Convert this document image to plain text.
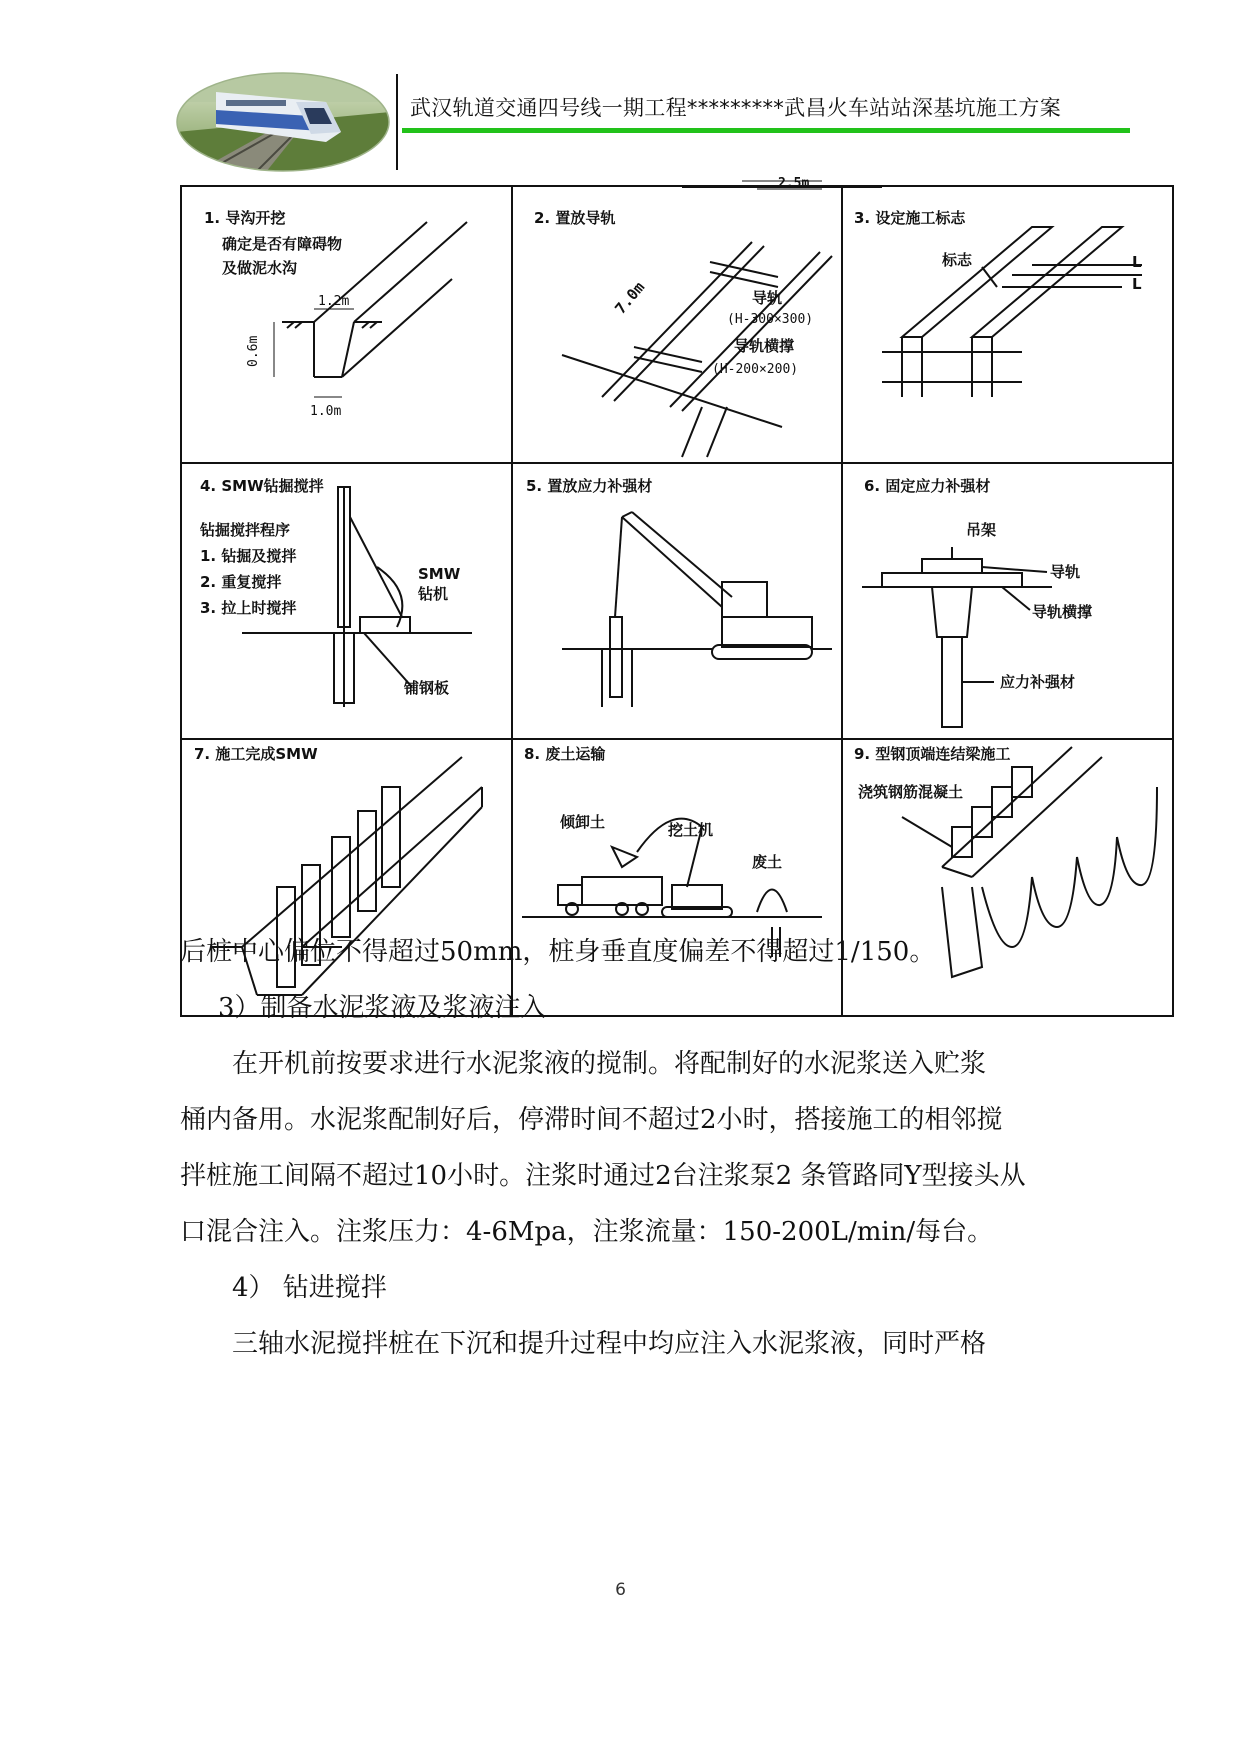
武汉轨道交通四号线一期工程*********武昌火车站站深基坑施工方案
1. 导沟开挖
确定是否有障碍物
及做泥水沟
1.2m
0.6m
1.0m
2. 置放导轨
2.5m
7.0m	导轨
(H-300×300)
导轨横撑
(H-200×200)
3. 设定施工标志
标志	L
L
4. SMW钻掘搅拌
钻掘搅拌程序
1. 钻掘及搅拌
2. 重复搅拌
3. 拉上时搅拌
SMW
钻机
铺钢板
5. 置放应力补强材	6. 固定应力补强材
吊架
导轨
导轨横撑
应力补强材
7. 施工完成SMW	8. 废土运输
倾卸土	挖土机
废土
9. 型钢顶端连结梁施工
浇筑钢筋混凝土
后桩中心偏位不得超过50mm，桩身垂直度偏差不得超过1/150。
3）制备水泥浆液及浆液注入
在开机前按要求进行水泥浆液的搅制。将配制好的水泥浆送入贮浆
桶内备用。水泥浆配制好后，停滞时间不超过2小时，搭接施工的相邻搅
拌桩施工间隔不超过10小时。注浆时通过2台注浆泵2 条管路同Y型接头从
口混合注入。注浆压力：4-6Mpa，注浆流量：150-200L/min/每台。
4） 钻进搅拌
三轴水泥搅拌桩在下沉和提升过程中均应注入水泥浆液，同时严格
6
